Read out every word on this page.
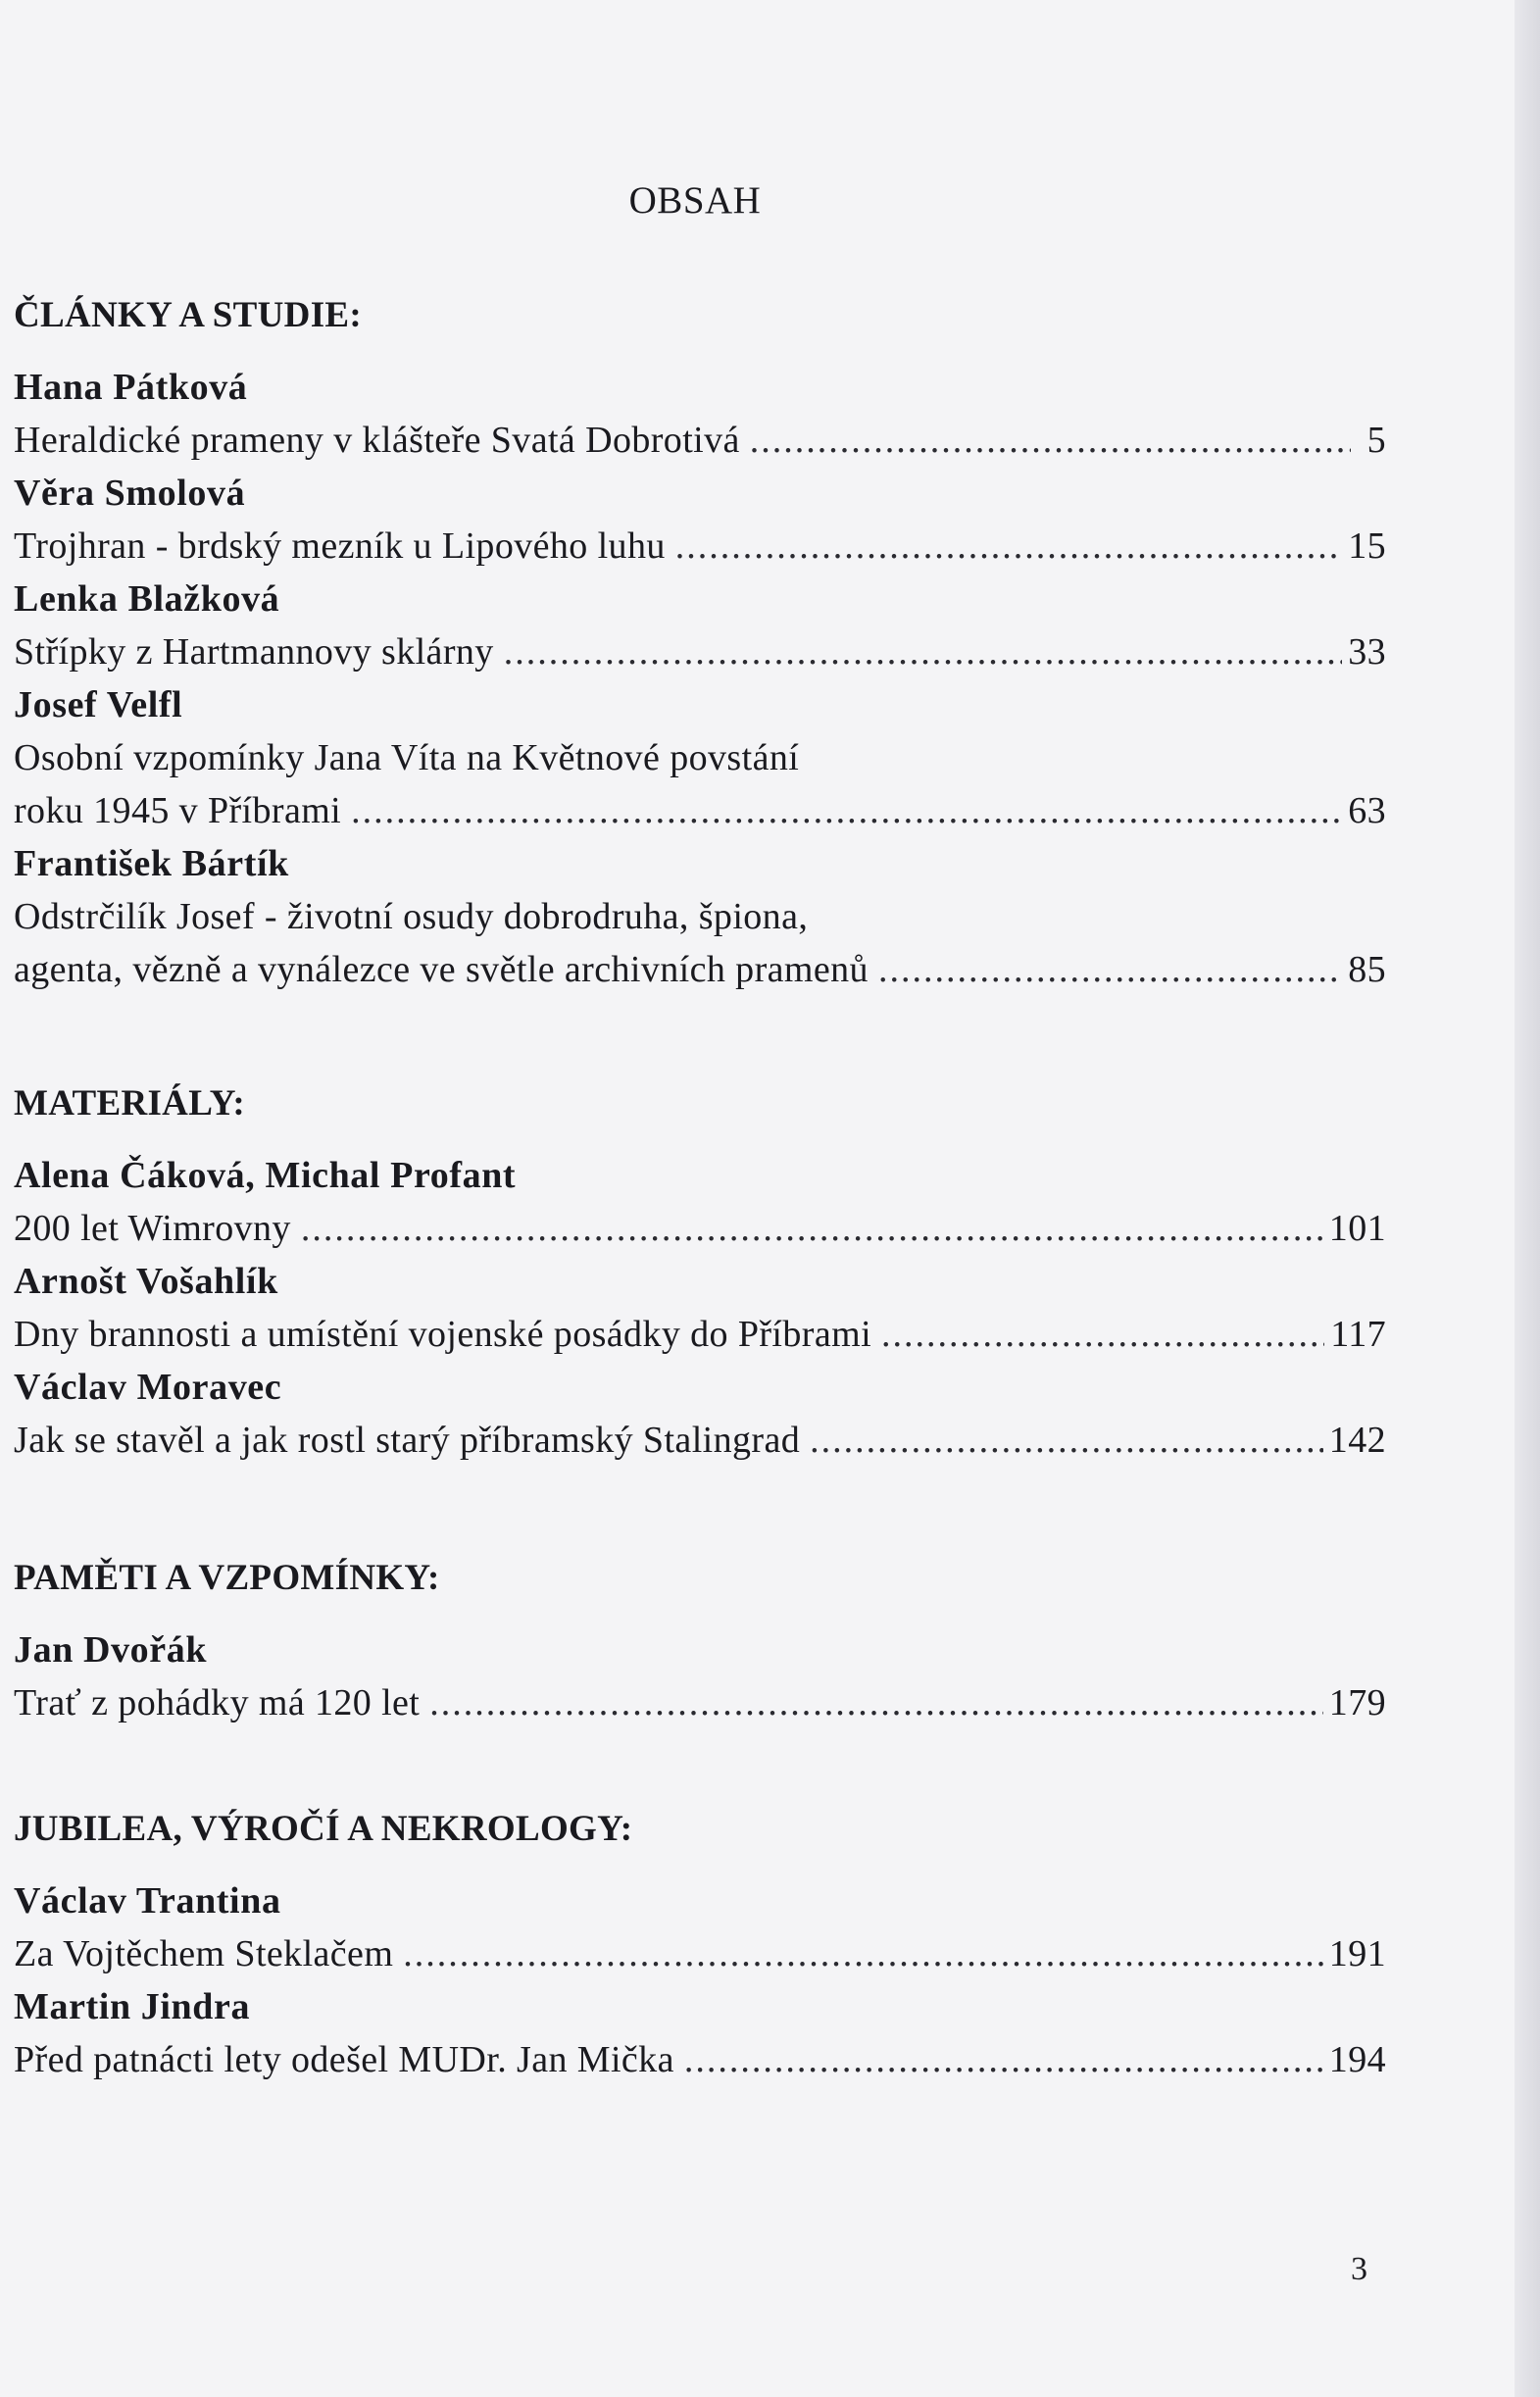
OBSAH
ČLÁNKY A STUDIE:
Hana Pátková
Heraldické prameny v klášteře Svatá Dobrotivá .....	5
Věra Smolová
Trojhran - brdský mezník u Lipového luhu .....	15
Lenka Blažková
Střípky z Hartmannovy sklárny .....	33
Josef Velfl
Osobní vzpomínky Jana Víta na Květnové povstání
roku 1945 v Příbrami .....	63
František Bártík
Odstrčilík Josef - životní osudy dobrodruha, špiona,
agenta, vězně a vynálezce ve světle archivních pramenů .....	85
MATERIÁLY:
Alena Čáková, Michal Profant
200 let Wimrovny .....	101
Arnošt Vošahlík
Dny brannosti a umístění vojenské posádky do Příbrami .....	117
Václav Moravec
Jak se stavěl a jak rostl starý příbramský Stalingrad .....	142
PAMĚTI A VZPOMÍNKY:
Jan Dvořák
Trať z pohádky má 120 let .....	179
JUBILEA, VÝROČÍ A NEKROLOGY:
Václav Trantina
Za Vojtěchem Steklačem .....	191
Martin Jindra
Před patnácti lety odešel MUDr. Jan Mička .....	194
3
